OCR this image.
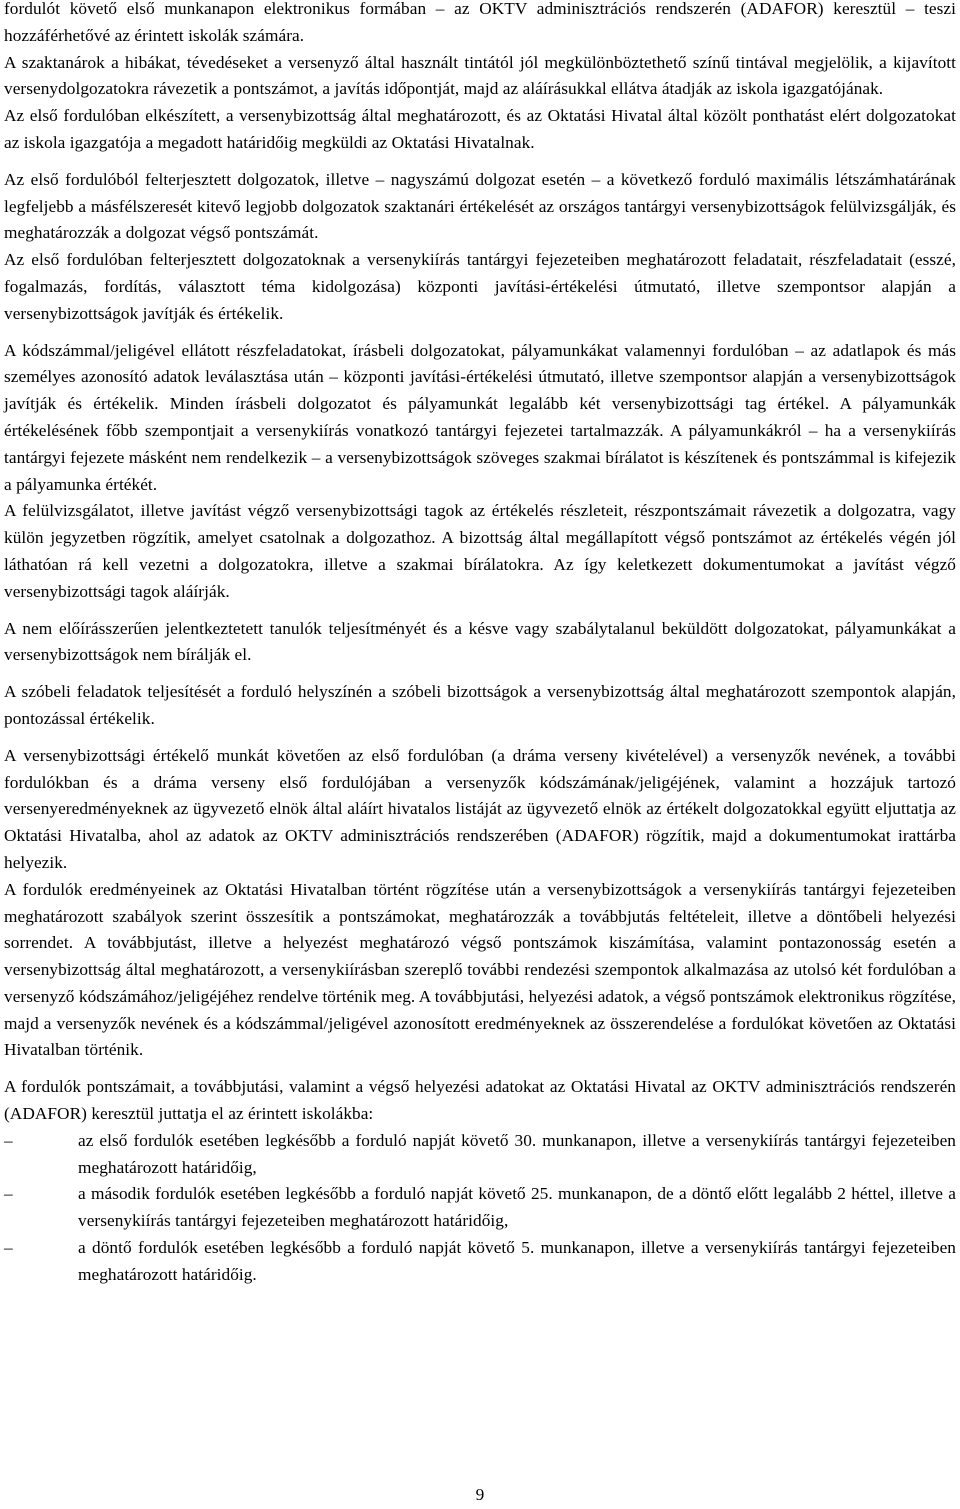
fordulót követő első munkanapon elektronikus formában – az OKTV adminisztrációs rendszerén (ADAFOR) keresztül – teszi hozzáférhetővé az érintett iskolák számára.

A szaktanárok a hibákat, tévedéseket a versenyző által használt tintától jól megkülönböztethető színű tintával megjelölik, a kijavított versenydolgozatokra rávezetik a pontszámot, a javítás időpontját, majd az aláírásukkal ellátva átadják az iskola igazgatójának.

Az első fordulóban elkészített, a versenybizottság által meghatározott, és az Oktatási Hivatal által közölt ponthatást elért dolgozatokat az iskola igazgatója a megadott határidőig megküldi az Oktatási Hivatalnak.

Az első fordulóból felterjesztett dolgozatok, illetve – nagyszámú dolgozat esetén – a következő forduló maximális létszámhatárának legfeljebb a másfélszeresét kitevő legjobb dolgozatok szaktanári értékelését az országos tantárgyi versenybizottságok felülvizsgálják, és meghatározzák a dolgozat végső pontszámát.

Az első fordulóban felterjesztett dolgozatoknak a versenykiírás tantárgyi fejezeteiben meghatározott feladatait, részfeladatait (esszé, fogalmazás, fordítás, választott téma kidolgozása) központi javítási-értékelési útmutató, illetve szempontsor alapján a versenybizottságok javítják és értékelik.

A kódszámmal/jeligével ellátott részfeladatokat, írásbeli dolgozatokat, pályamunkákat valamennyi fordulóban – az adatlapok és más személyes azonosító adatok leválasztása után – központi javítási-értékelési útmutató, illetve szempontsor alapján a versenybizottságok javítják és értékelik. Minden írásbeli dolgozatot és pályamunkát legalább két versenybizottsági tag értékel. A pályamunkák értékelésének főbb szempontjait a versenykiírás vonatkozó tantárgyi fejezetei tartalmazzák. A pályamunkákról – ha a versenykiírás tantárgyi fejezete másként nem rendelkezik – a versenybizottságok szöveges szakmai bírálatot is készítenek és pontszámmal is kifejezik a pályamunka értékét.

A felülvizsgálatot, illetve javítást végző versenybizottsági tagok az értékelés részleteit, részpontszámait rávezetik a dolgozatra, vagy külön jegyzetben rögzítik, amelyet csatolnak a dolgozathoz. A bizottság által megállapított végső pontszámot az értékelés végén jól láthatóan rá kell vezetni a dolgozatokra, illetve a szakmai bírálatokra. Az így keletkezett dokumentumokat a javítást végző versenybizottsági tagok aláírják.

A nem előírásszerűen jelentkeztetett tanulók teljesítményét és a késve vagy szabálytalanul beküldött dolgozatokat, pályamunkákat a versenybizottságok nem bírálják el.

A szóbeli feladatok teljesítését a forduló helyszínén a szóbeli bizottságok a versenybizottság által meghatározott szempontok alapján, pontozással értékelik.

A versenybizottsági értékelő munkát követően az első fordulóban (a dráma verseny kivételével) a versenyzők nevének, a további fordulókban és a dráma verseny első fordulójában a versenyzők kódszámának/jeligéjének, valamint a hozzájuk tartozó versenyeredményeknek az ügyvezető elnök által aláírt hivatalos listáját az ügyvezető elnök az értékelt dolgozatokkal együtt eljuttatja az Oktatási Hivatalba, ahol az adatok az OKTV adminisztrációs rendszerében (ADAFOR) rögzítik, majd a dokumentumokat irattárba helyezik.

A fordulók eredményeinek az Oktatási Hivatalban történt rögzítése után a versenybizottságok a versenykiírás tantárgyi fejezeteiben meghatározott szabályok szerint összesítik a pontszámokat, meghatározzák a továbbjutás feltételeit, illetve a döntőbeli helyezési sorrendet. A továbbjutást, illetve a helyezést meghatározó végső pontszámok kiszámítása, valamint pontazonosság esetén a versenybizottság által meghatározott, a versenykiírásban szereplő további rendezési szempontok alkalmazása az utolsó két fordulóban a versenyző kódszámához/jeligéjéhez rendelve történik meg. A továbbjutási, helyezési adatok, a végső pontszámok elektronikus rögzítése, majd a versenyzők nevének és a kódszámmal/jeligével azonosított eredményeknek az összerendelése a fordulókat követően az Oktatási Hivatalban történik.

A fordulók pontszámait, a továbbjutási, valamint a végső helyezési adatokat az Oktatási Hivatal az OKTV adminisztrációs rendszerén (ADAFOR) keresztül juttatja el az érintett iskolákba:

–	az első fordulók esetében legkésőbb a forduló napját követő 30. munkanapon, illetve a versenykiírás tantárgyi fejezeteiben meghatározott határidőig,
–	a második fordulók esetében legkésőbb a forduló napját követő 25. munkanapon, de a döntő előtt legalább 2 héttel, illetve a versenykiírás tantárgyi fejezeteiben meghatározott határidőig,
–	a döntő fordulók esetében legkésőbb a forduló napját követő 5. munkanapon, illetve a versenykiírás tantárgyi fejezeteiben meghatározott határidőig.
9
